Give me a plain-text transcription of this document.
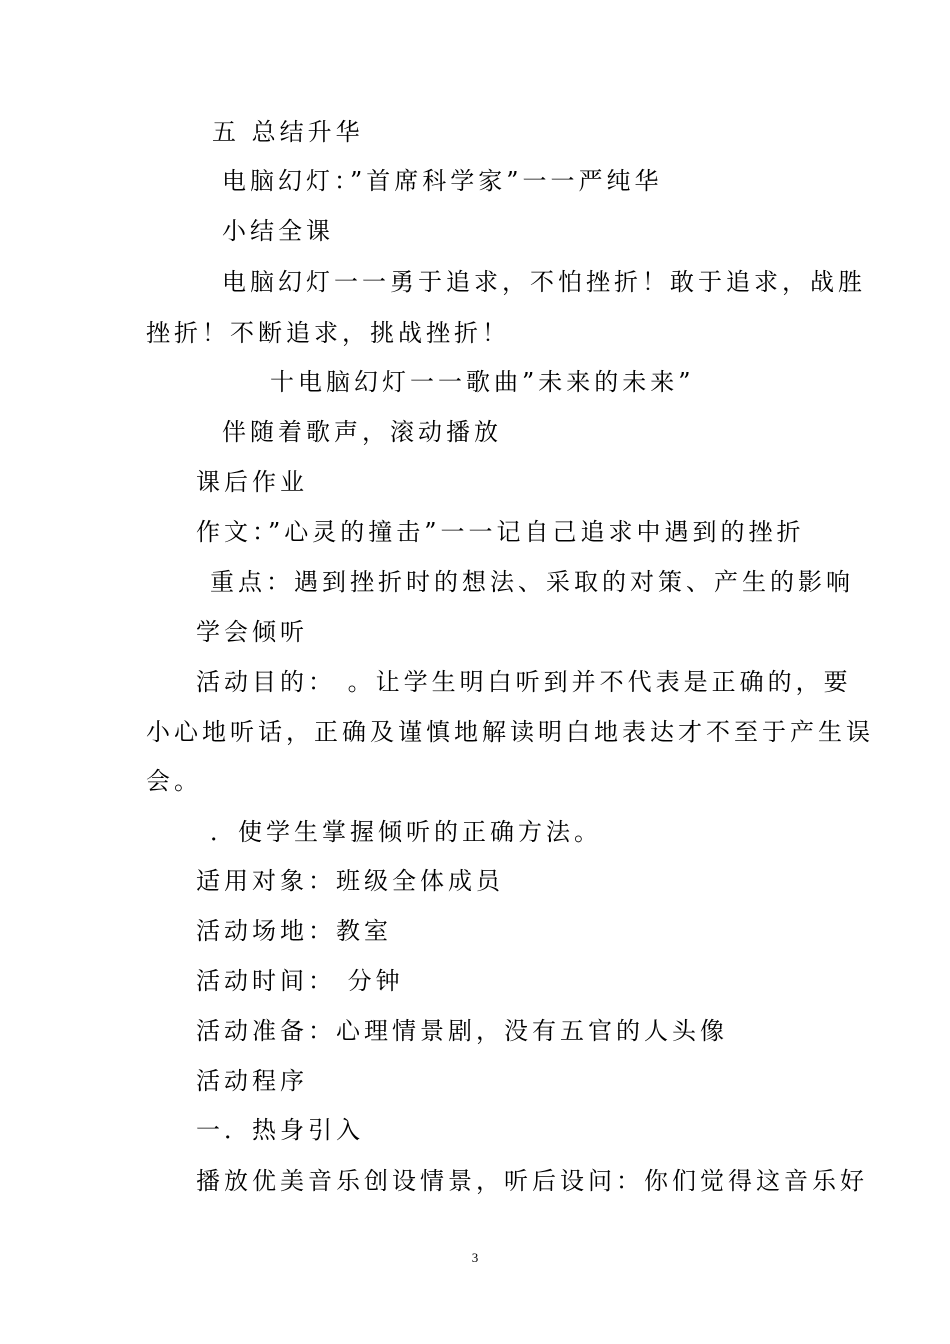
五 总结升华
电脑幻灯：”首席科学家”一一严纯华
小结全课
电脑幻灯一一勇于追求，不怕挫折！敢于追求，战胜
挫折！不断追求，挑战挫折！
十电脑幻灯一一歌曲”未来的未来”
伴随着歌声，滚动播放
课后作业
作文：”心灵的撞击”一一记自己追求中遇到的挫折
重点：遇到挫折时的想法、采取的对策、产生的影响
学会倾听
活动目的： 。让学生明白听到并不代表是正确的，要
小心地听话，正确及谨慎地解读明白地表达才不至于产生误
会。
．使学生掌握倾听的正确方法。
适用对象：班级全体成员
活动场地：教室
活动时间： 分钟
活动准备：心理情景剧，没有五官的人头像
活动程序
一．热身引入
播放优美音乐创设情景，听后设问：你们觉得这音乐好
3
